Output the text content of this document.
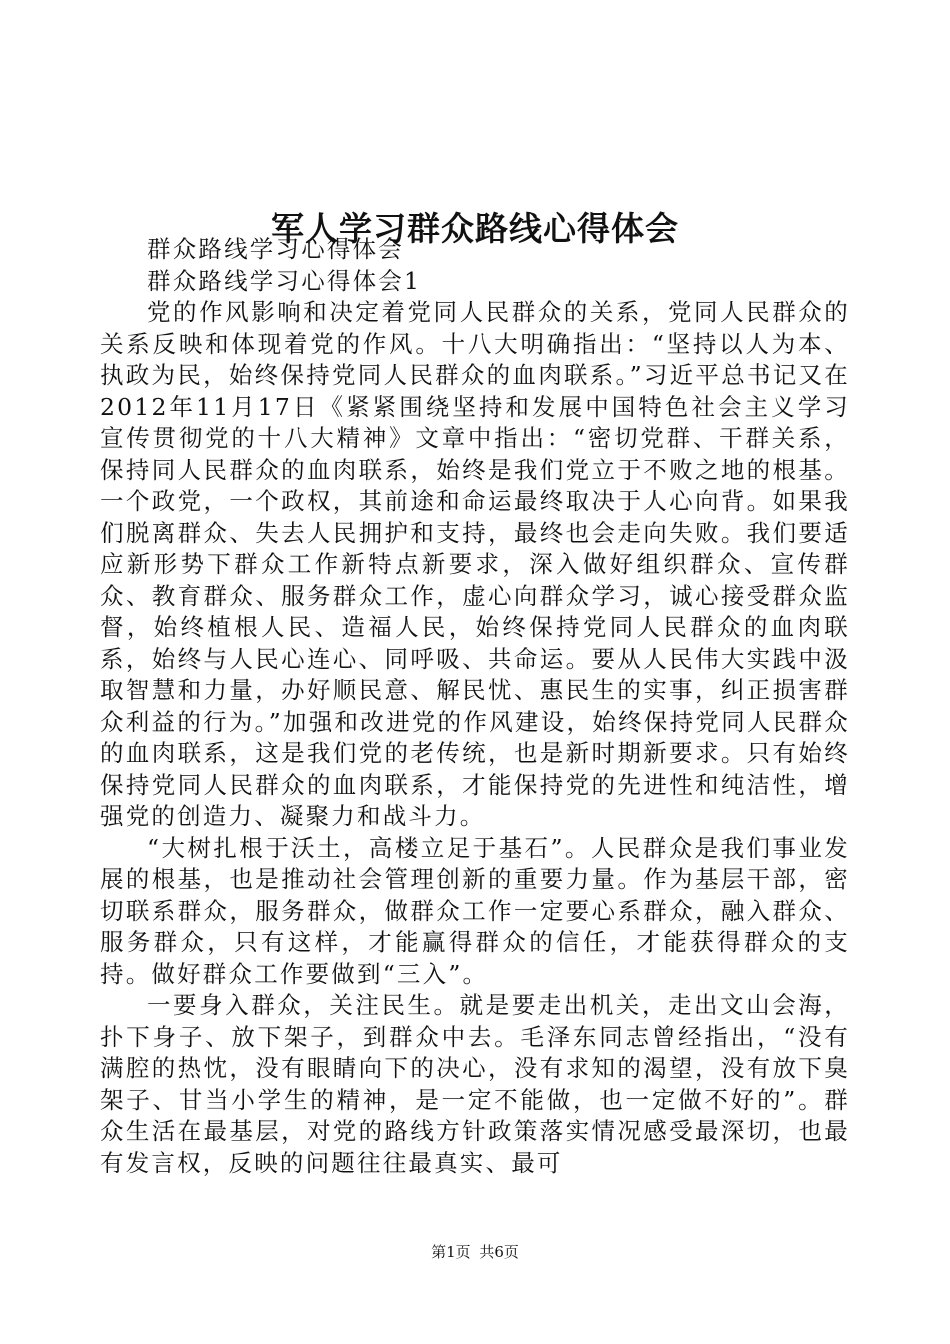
军人学习群众路线心得体会

群众路线学习心得体会

群众路线学习心得体会1

党的作风影响和决定着党同人民群众的关系，党同人民群众的关系反映和体现着党的作风。十八大明确指出：“坚持以人为本、执政为民，始终保持党同人民群众的血肉联系。”习近平总书记又在2012年11月17日《紧紧围绕坚持和发展中国特色社会主义学习宣传贯彻党的十八大精神》文章中指出：“密切党群、干群关系，保持同人民群众的血肉联系，始终是我们党立于不败之地的根基。一个政党，一个政权，其前途和命运最终取决于人心向背。如果我们脱离群众、失去人民拥护和支持，最终也会走向失败。我们要适应新形势下群众工作新特点新要求，深入做好组织群众、宣传群众、教育群众、服务群众工作，虚心向群众学习，诚心接受群众监督，始终植根人民、造福人民，始终保持党同人民群众的血肉联系，始终与人民心连心、同呼吸、共命运。要从人民伟大实践中汲取智慧和力量，办好顺民意、解民忧、惠民生的实事，纠正损害群众利益的行为。”加强和改进党的作风建设，始终保持党同人民群众的血肉联系，这是我们党的老传统，也是新时期新要求。只有始终保持党同人民群众的血肉联系，才能保持党的先进性和纯洁性，增强党的创造力、凝聚力和战斗力。

“大树扎根于沃土，高楼立足于基石”。人民群众是我们事业发展的根基，也是推动社会管理创新的重要力量。作为基层干部，密切联系群众，服务群众，做群众工作一定要心系群众，融入群众、服务群众，只有这样，才能赢得群众的信任，才能获得群众的支持。做好群众工作要做到“三入”。

一要身入群众，关注民生。就是要走出机关，走出文山会海，扑下身子、放下架子，到群众中去。毛泽东同志曾经指出，“没有满腔的热忱，没有眼睛向下的决心，没有求知的渴望，没有放下臭架子、甘当小学生的精神，是一定不能做，也一定做不好的”。群众生活在最基层，对党的路线方针政策落实情况感受最深切，也最有发言权，反映的问题往往最真实、最可

第1页 共6页
